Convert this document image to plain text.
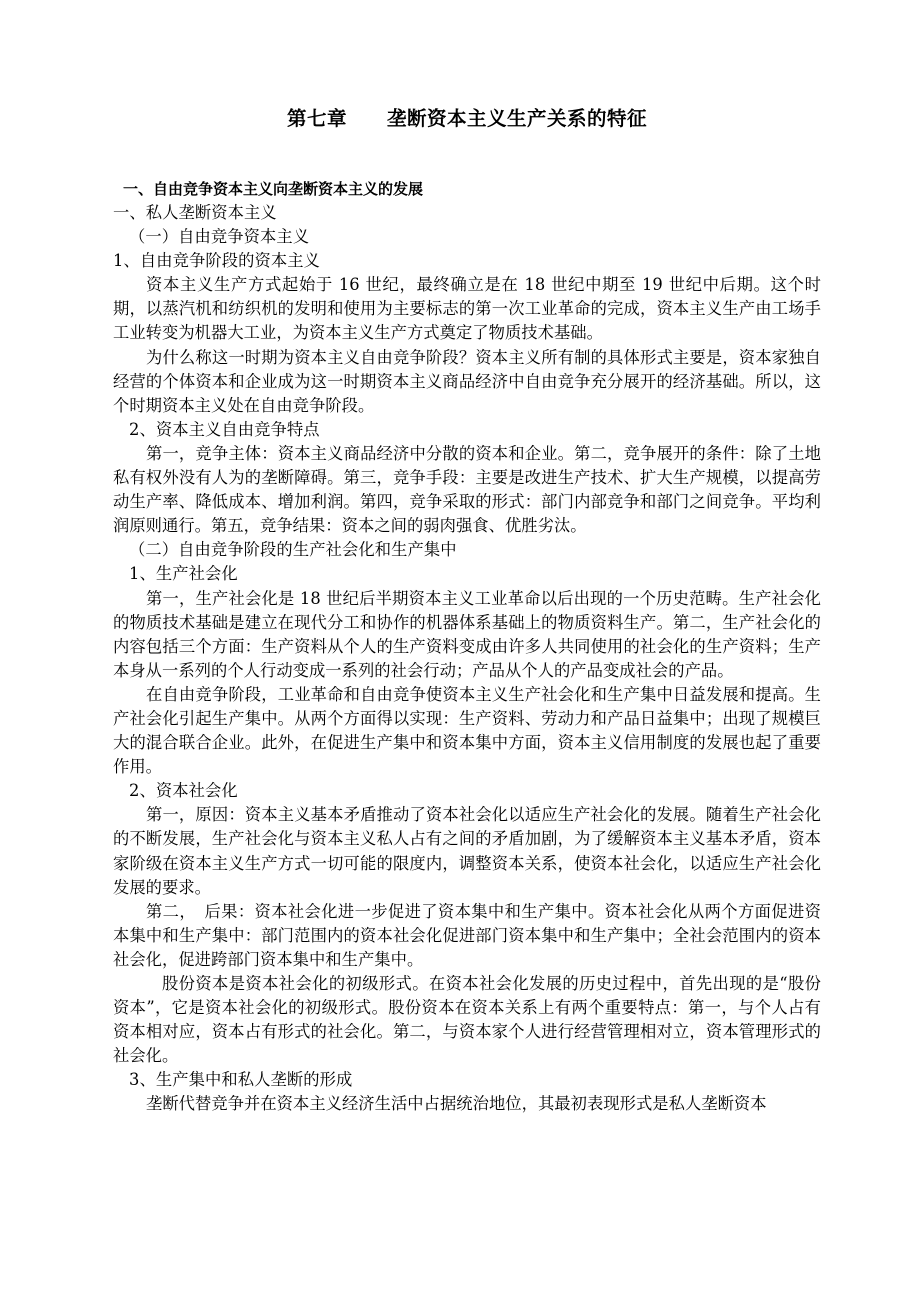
第七章　　垄断资本主义生产关系的特征
一、自由竞争资本主义向垄断资本主义的发展

一、私人垄断资本主义

（一）自由竞争资本主义

1、自由竞争阶段的资本主义

资本主义生产方式起始于 16 世纪，最终确立是在 18 世纪中期至 19 世纪中后期。这个时期，以蒸汽机和纺织机的发明和使用为主要标志的第一次工业革命的完成，资本主义生产由工场手工业转变为机器大工业，为资本主义生产方式奠定了物质技术基础。

为什么称这一时期为资本主义自由竞争阶段？资本主义所有制的具体形式主要是，资本家独自经营的个体资本和企业成为这一时期资本主义商品经济中自由竞争充分展开的经济基础。所以，这个时期资本主义处在自由竞争阶段。

2、资本主义自由竞争特点

第一，竞争主体：资本主义商品经济中分散的资本和企业。第二，竞争展开的条件：除了土地私有权外没有人为的垄断障碍。第三，竞争手段：主要是改进生产技术、扩大生产规模，以提高劳动生产率、降低成本、增加利润。第四，竞争采取的形式：部门内部竞争和部门之间竞争。平均利润原则通行。第五，竞争结果：资本之间的弱肉强食、优胜劣汰。

（二）自由竞争阶段的生产社会化和生产集中

1、生产社会化

第一，生产社会化是 18 世纪后半期资本主义工业革命以后出现的一个历史范畴。生产社会化的物质技术基础是建立在现代分工和协作的机器体系基础上的物质资料生产。第二，生产社会化的内容包括三个方面：生产资料从个人的生产资料变成由许多人共同使用的社会化的生产资料；生产本身从一系列的个人行动变成一系列的社会行动；产品从个人的产品变成社会的产品。

在自由竞争阶段，工业革命和自由竞争使资本主义生产社会化和生产集中日益发展和提高。生产社会化引起生产集中。从两个方面得以实现：生产资料、劳动力和产品日益集中；出现了规模巨大的混合联合企业。此外，在促进生产集中和资本集中方面，资本主义信用制度的发展也起了重要作用。

2、资本社会化

第一，原因：资本主义基本矛盾推动了资本社会化以适应生产社会化的发展。随着生产社会化的不断发展，生产社会化与资本主义私人占有之间的矛盾加剧，为了缓解资本主义基本矛盾，资本家阶级在资本主义生产方式一切可能的限度内，调整资本关系，使资本社会化，以适应生产社会化发展的要求。

第二，　后果：资本社会化进一步促进了资本集中和生产集中。资本社会化从两个方面促进资本集中和生产集中：部门范围内的资本社会化促进部门资本集中和生产集中；全社会范围内的资本社会化，促进跨部门资本集中和生产集中。

股份资本是资本社会化的初级形式。在资本社会化发展的历史过程中，首先出现的是“股份资本”，它是资本社会化的初级形式。股份资本在资本关系上有两个重要特点：第一，与个人占有资本相对应，资本占有形式的社会化。第二，与资本家个人进行经营管理相对立，资本管理形式的社会化。

3、生产集中和私人垄断的形成

垄断代替竞争并在资本主义经济生活中占据统治地位，其最初表现形式是私人垄断资本
